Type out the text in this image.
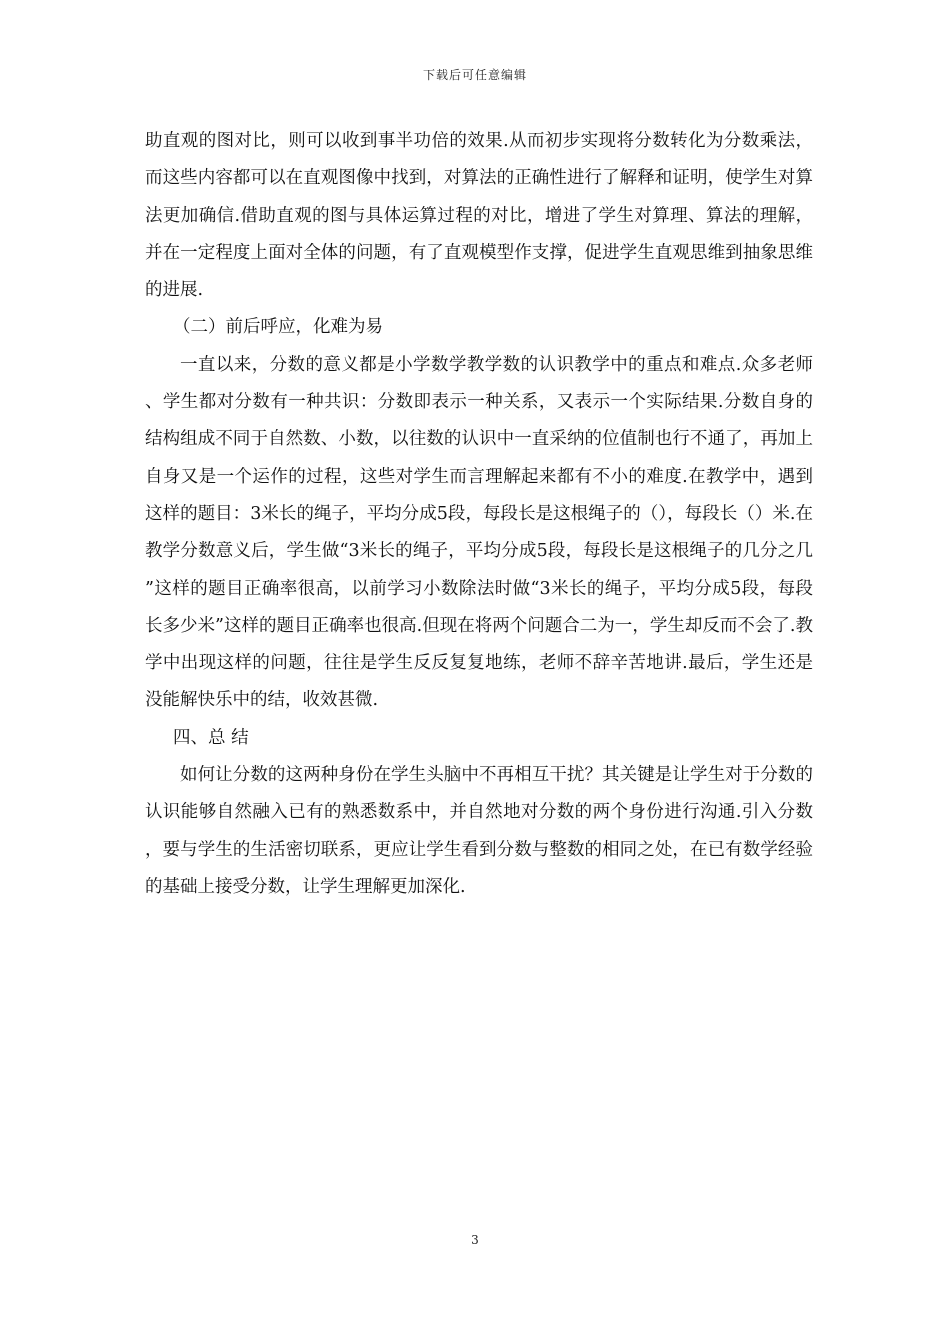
下载后可任意编辑

助直观的图对比，则可以收到事半功倍的效果.从而初步实现将分数转化为分数乘法，而这些内容都可以在直观图像中找到，对算法的正确性进行了解释和证明，使学生对算法更加确信.借助直观的图与具体运算过程的对比，增进了学生对算理、算法的理解，并在一定程度上面对全体的问题，有了直观模型作支撑，促进学生直观思维到抽象思维的进展.

（二）前后呼应，化难为易

一直以来，分数的意义都是小学数学教学数的认识教学中的重点和难点.众多老师、学生都对分数有一种共识：分数即表示一种关系，又表示一个实际结果.分数自身的结构组成不同于自然数、小数，以往数的认识中一直采纳的位值制也行不通了，再加上自身又是一个运作的过程，这些对学生而言理解起来都有不小的难度.在教学中，遇到这样的题目：3米长的绳子，平均分成5段，每段长是这根绳子的（），每段长（）米.在教学分数意义后，学生做“3米长的绳子，平均分成5段，每段长是这根绳子的几分之几”这样的题目正确率很高，以前学习小数除法时做“3米长的绳子，平均分成5段，每段长多少米”这样的题目正确率也很高.但现在将两个问题合二为一，学生却反而不会了.教学中出现这样的问题，往往是学生反反复复地练，老师不辞辛苦地讲.最后，学生还是没能解快乐中的结，收效甚微.

四、总 结

如何让分数的这两种身份在学生头脑中不再相互干扰？其关键是让学生对于分数的认识能够自然融入已有的熟悉数系中，并自然地对分数的两个身份进行沟通.引入分数，要与学生的生活密切联系，更应让学生看到分数与整数的相同之处，在已有数学经验的基础上接受分数，让学生理解更加深化.

3
